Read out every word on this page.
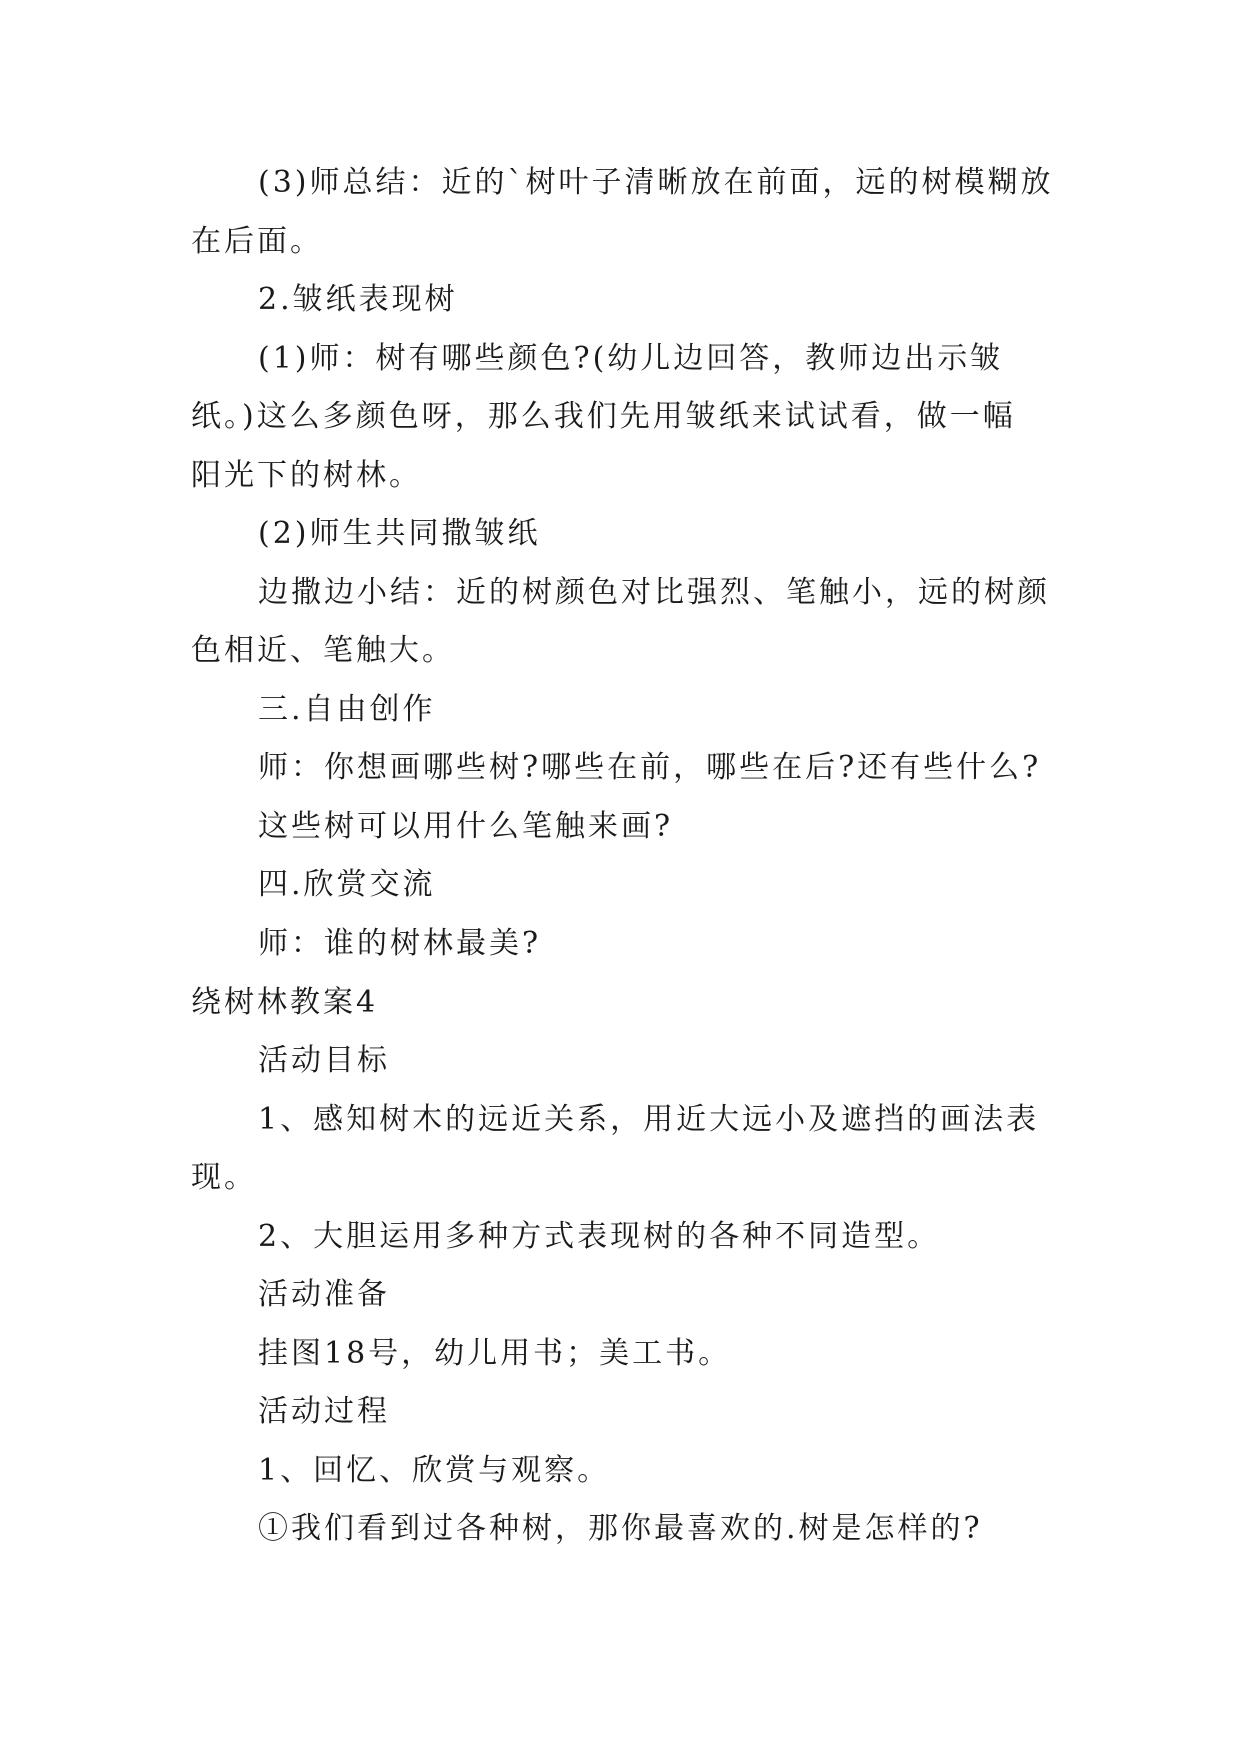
(3)师总结：近的`树叶子清晰放在前面，远的树模糊放
在后面。
2.皱纸表现树
(1)师：树有哪些颜色?(幼儿边回答，教师边出示皱
纸。)这么多颜色呀，那么我们先用皱纸来试试看，做一幅
阳光下的树林。
(2)师生共同撒皱纸
边撒边小结：近的树颜色对比强烈、笔触小，远的树颜
色相近、笔触大。
三.自由创作
师：你想画哪些树?哪些在前，哪些在后?还有些什么?
这些树可以用什么笔触来画?
四.欣赏交流
师：谁的树林最美?
绕树林教案4
活动目标
1、感知树木的远近关系，用近大远小及遮挡的画法表
现。
2、大胆运用多种方式表现树的各种不同造型。
活动准备
挂图18号，幼儿用书；美工书。
活动过程
1、回忆、欣赏与观察。
①我们看到过各种树，那你最喜欢的.树是怎样的?
